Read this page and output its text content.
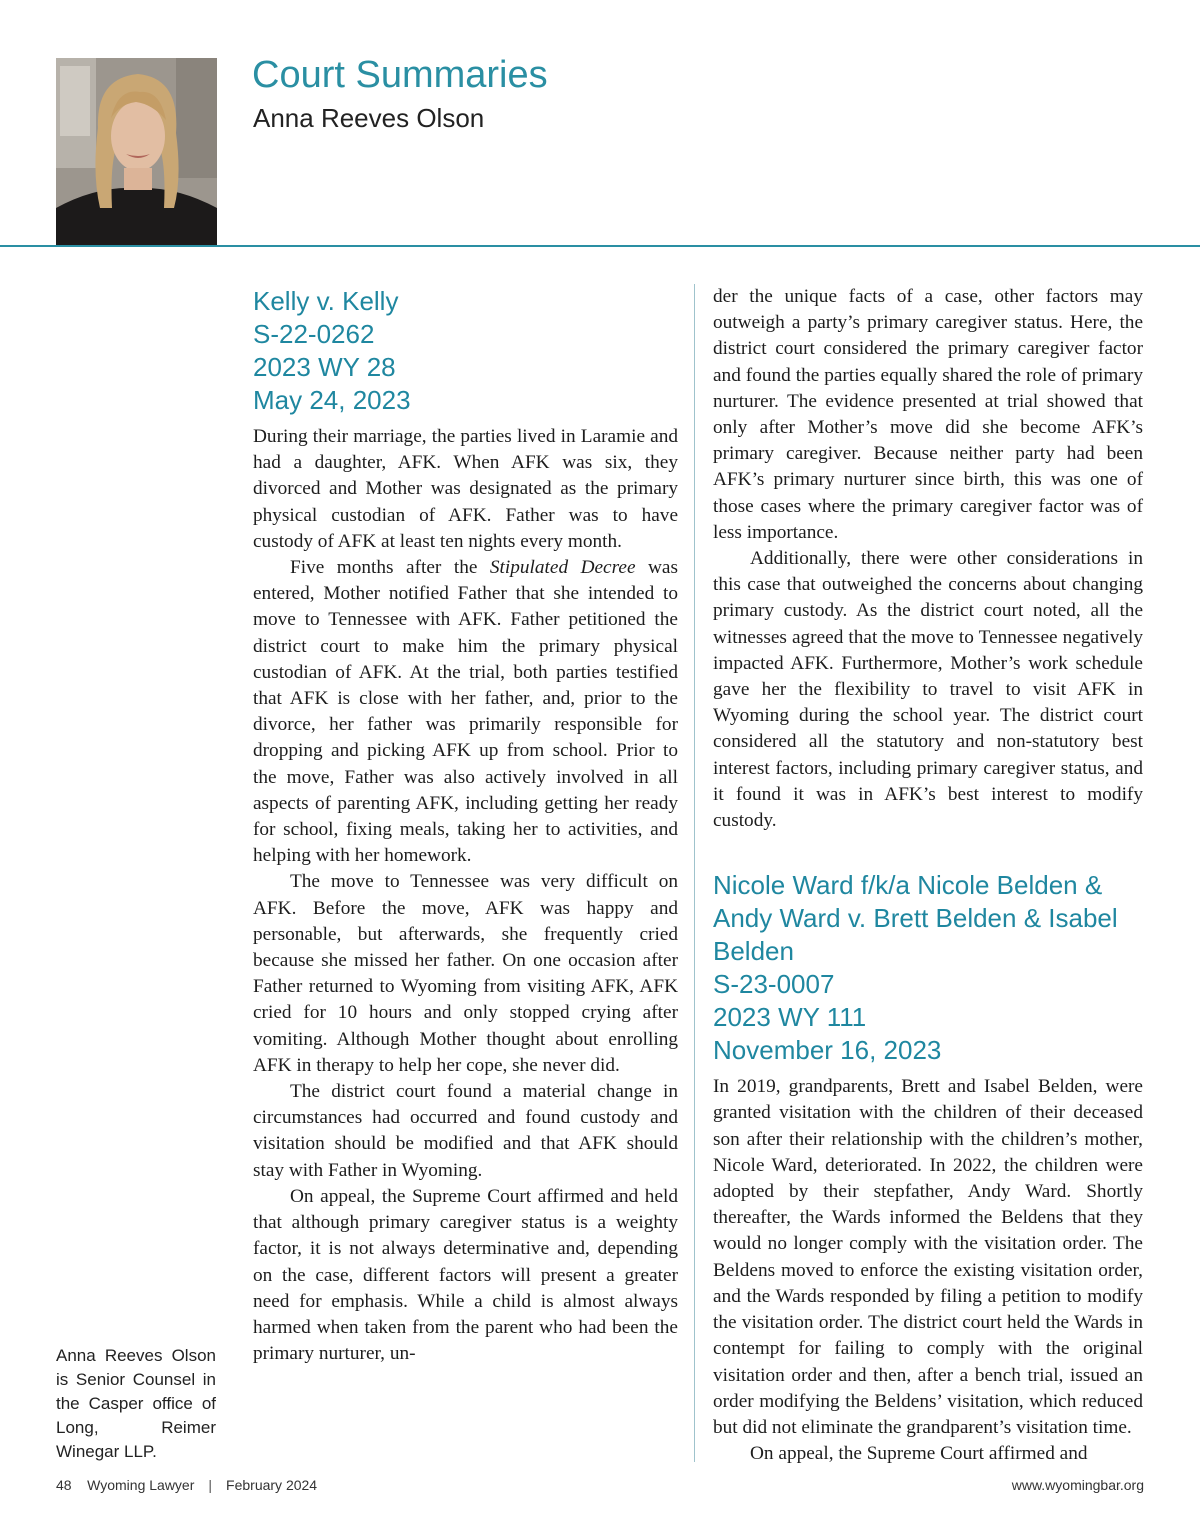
Court Summaries
Anna Reeves Olson
Kelly v. Kelly
S-22-0262
2023 WY 28
May 24, 2023

During their marriage, the parties lived in Laramie and had a daughter, AFK. When AFK was six, they divorced and Mother was designated as the primary physical custodian of AFK. Father was to have custody of AFK at least ten nights every month.

Five months after the Stipulated Decree was entered, Mother notified Father that she intended to move to Tennessee with AFK. Father petitioned the district court to make him the primary physical custodian of AFK. At the trial, both parties testified that AFK is close with her father, and, prior to the divorce, her father was primarily responsible for dropping and picking AFK up from school. Prior to the move, Father was also actively involved in all aspects of parenting AFK, including getting her ready for school, fixing meals, taking her to activities, and helping with her homework.

The move to Tennessee was very difficult on AFK. Before the move, AFK was happy and personable, but afterwards, she frequently cried because she missed her father. On one occasion after Father returned to Wyoming from visiting AFK, AFK cried for 10 hours and only stopped crying after vomiting. Although Mother thought about enrolling AFK in therapy to help her cope, she never did.

The district court found a material change in circumstances had occurred and found custody and visitation should be modified and that AFK should stay with Father in Wyoming.

On appeal, the Supreme Court affirmed and held that although primary caregiver status is a weighty factor, it is not always determinative and, depending on the case, different factors will present a greater need for emphasis. While a child is almost always harmed when taken from the parent who had been the primary nurturer, un-

der the unique facts of a case, other factors may outweigh a party’s primary caregiver status. Here, the district court considered the primary caregiver factor and found the parties equally shared the role of primary nurturer. The evidence presented at trial showed that only after Mother’s move did she become AFK’s primary caregiver. Because neither party had been AFK’s primary nurturer since birth, this was one of those cases where the primary caregiver factor was of less importance.

Additionally, there were other considerations in this case that outweighed the concerns about changing primary custody. As the district court noted, all the witnesses agreed that the move to Tennessee negatively impacted AFK. Furthermore, Mother’s work schedule gave her the flexibility to travel to visit AFK in Wyoming during the school year. The district court considered all the statutory and non-statutory best interest factors, including primary caregiver status, and it found it was in AFK’s best interest to modify custody.

Nicole Ward f/k/a Nicole Belden & Andy Ward v. Brett Belden & Isabel Belden
S-23-0007
2023 WY 111
November 16, 2023

In 2019, grandparents, Brett and Isabel Belden, were granted visitation with the children of their deceased son after their relationship with the children’s mother, Nicole Ward, deteriorated. In 2022, the children were adopted by their stepfather, Andy Ward. Shortly thereafter, the Wards informed the Beldens that they would no longer comply with the visitation order. The Beldens moved to enforce the existing visitation order, and the Wards responded by filing a petition to modify the visitation order. The district court held the Wards in contempt for failing to comply with the original visitation order and then, after a bench trial, issued an order modifying the Beldens’ visitation, which reduced but did not eliminate the grandparent’s visitation time.

On appeal, the Supreme Court affirmed and

Anna Reeves Olson is Senior Counsel in the Casper office of Long, Reimer Winegar LLP.
48 Wyoming Lawyer | February 2024	www.wyomingbar.org
